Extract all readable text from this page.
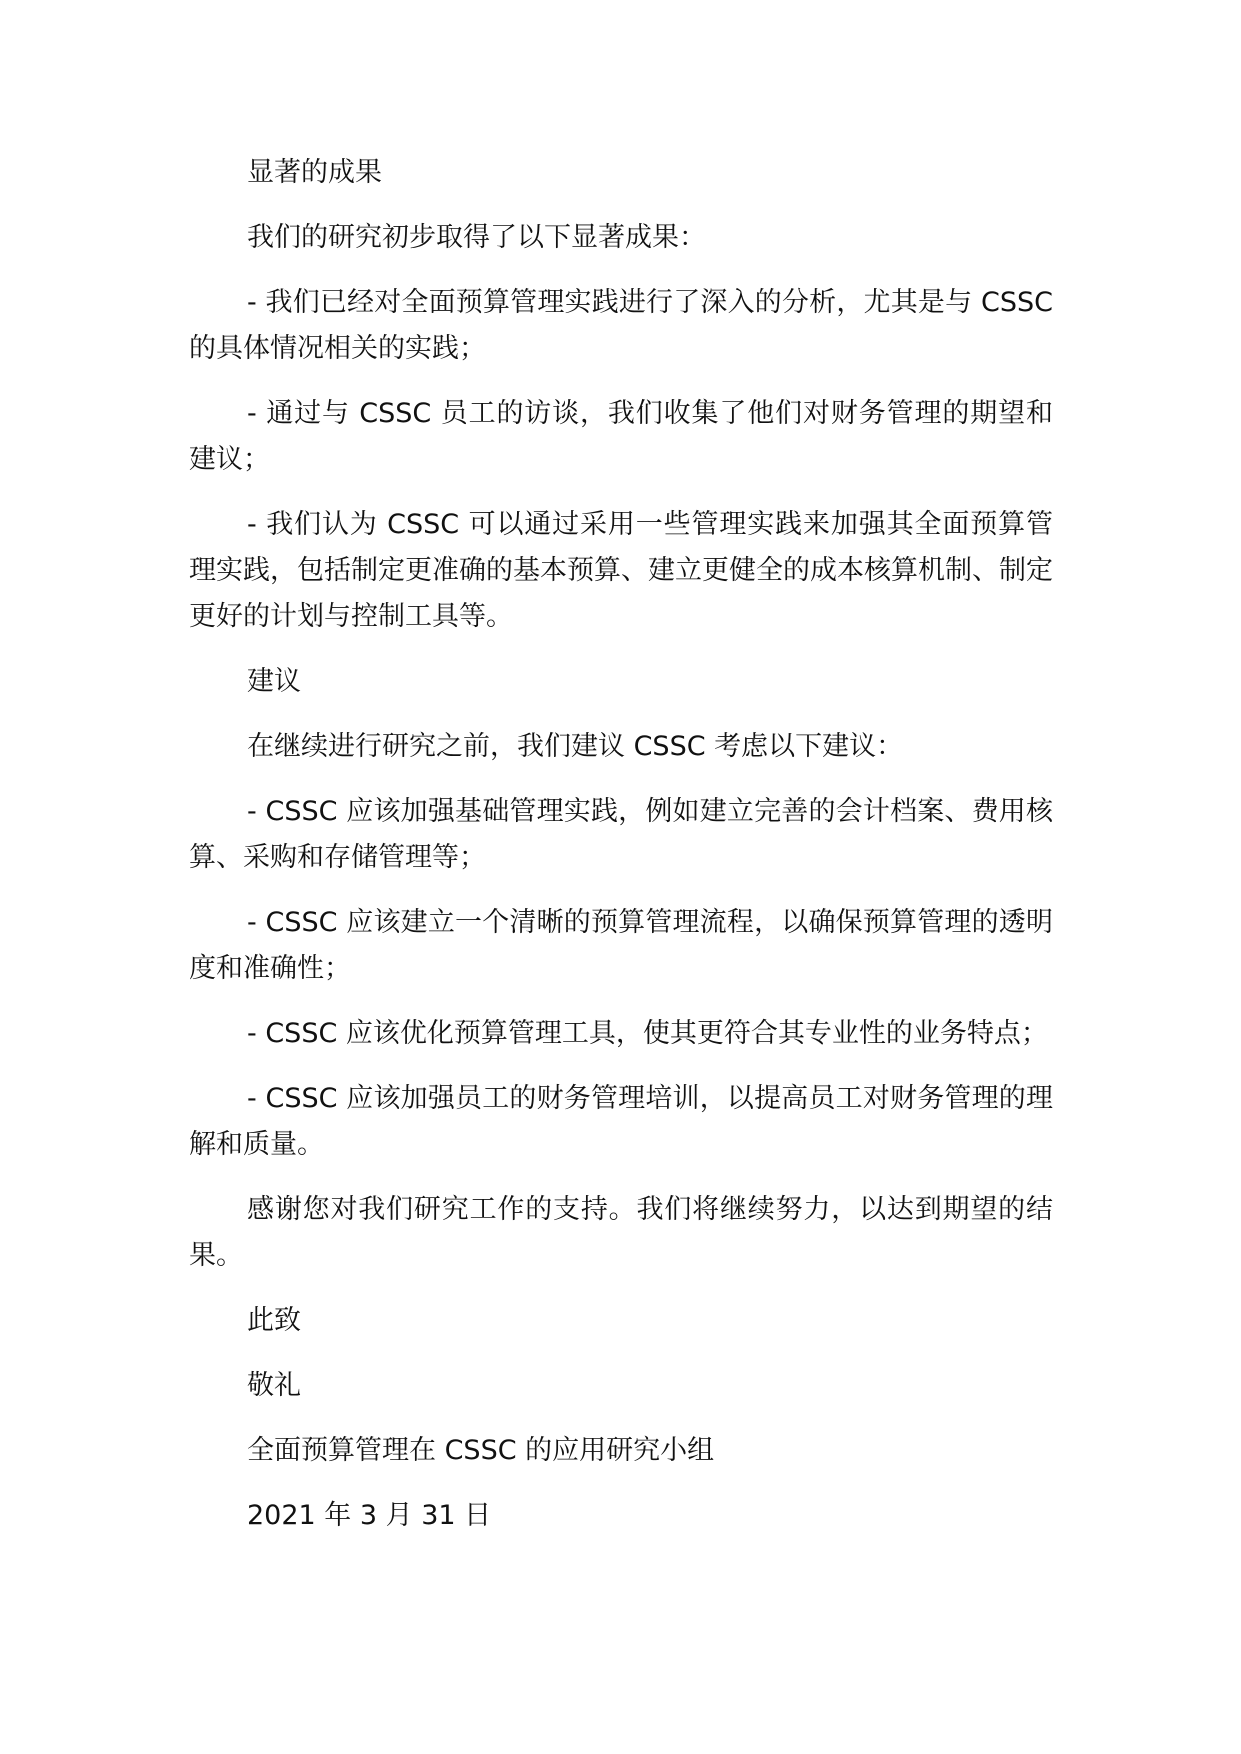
显著的成果

我们的研究初步取得了以下显著成果：

- 我们已经对全面预算管理实践进行了深入的分析，尤其是与 CSSC 的具体情况相关的实践；

- 通过与 CSSC 员工的访谈，我们收集了他们对财务管理的期望和建议；

- 我们认为 CSSC 可以通过采用一些管理实践来加强其全面预算管理实践，包括制定更准确的基本预算、建立更健全的成本核算机制、制定更好的计划与控制工具等。

建议

在继续进行研究之前，我们建议 CSSC 考虑以下建议：

- CSSC 应该加强基础管理实践，例如建立完善的会计档案、费用核算、采购和存储管理等；

- CSSC 应该建立一个清晰的预算管理流程，以确保预算管理的透明度和准确性；

- CSSC 应该优化预算管理工具，使其更符合其专业性的业务特点；

- CSSC 应该加强员工的财务管理培训，以提高员工对财务管理的理解和质量。

感谢您对我们研究工作的支持。我们将继续努力，以达到期望的结果。

此致

敬礼

全面预算管理在 CSSC 的应用研究小组

2021 年 3 月 31 日
